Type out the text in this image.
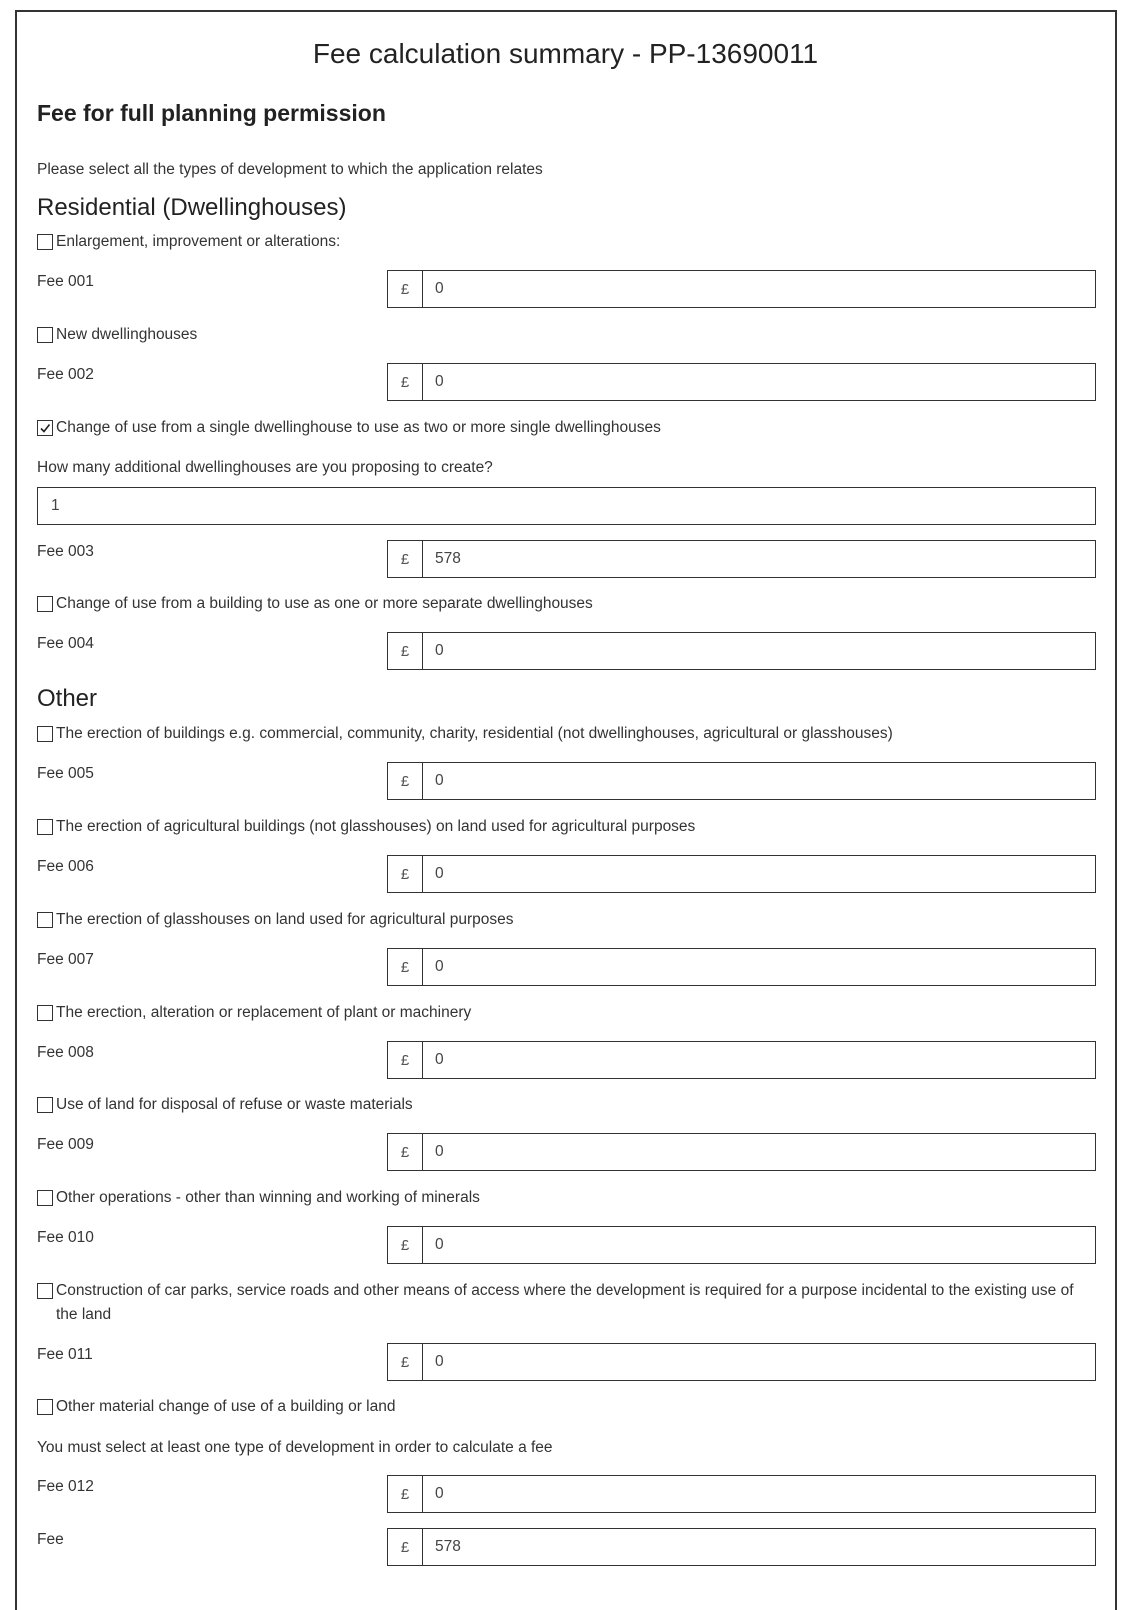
Fee calculation summary - PP-13690011
Fee for full planning permission
Please select all the types of development to which the application relates
Residential (Dwellinghouses)
Enlargement, improvement or alterations:
Fee 001	£	0
New dwellinghouses
Fee 002	£	0
Change of use from a single dwellinghouse to use as two or more single dwellinghouses
How many additional dwellinghouses are you proposing to create?
1
Fee 003	£	578
Change of use from a building to use as one or more separate dwellinghouses
Fee 004	£	0
Other
The erection of buildings e.g. commercial, community, charity, residential (not dwellinghouses, agricultural or glasshouses)
Fee 005	£	0
The erection of agricultural buildings (not glasshouses) on land used for agricultural purposes
Fee 006	£	0
The erection of glasshouses on land used for agricultural purposes
Fee 007	£	0
The erection, alteration or replacement of plant or machinery
Fee 008	£	0
Use of land for disposal of refuse or waste materials
Fee 009	£	0
Other operations - other than winning and working of minerals
Fee 010	£	0
Construction of car parks, service roads and other means of access where the development is required for a purpose incidental to the existing use of the land
Fee 011	£	0
Other material change of use of a building or land
You must select at least one type of development in order to calculate a fee
Fee 012	£	0
Fee	£	578
